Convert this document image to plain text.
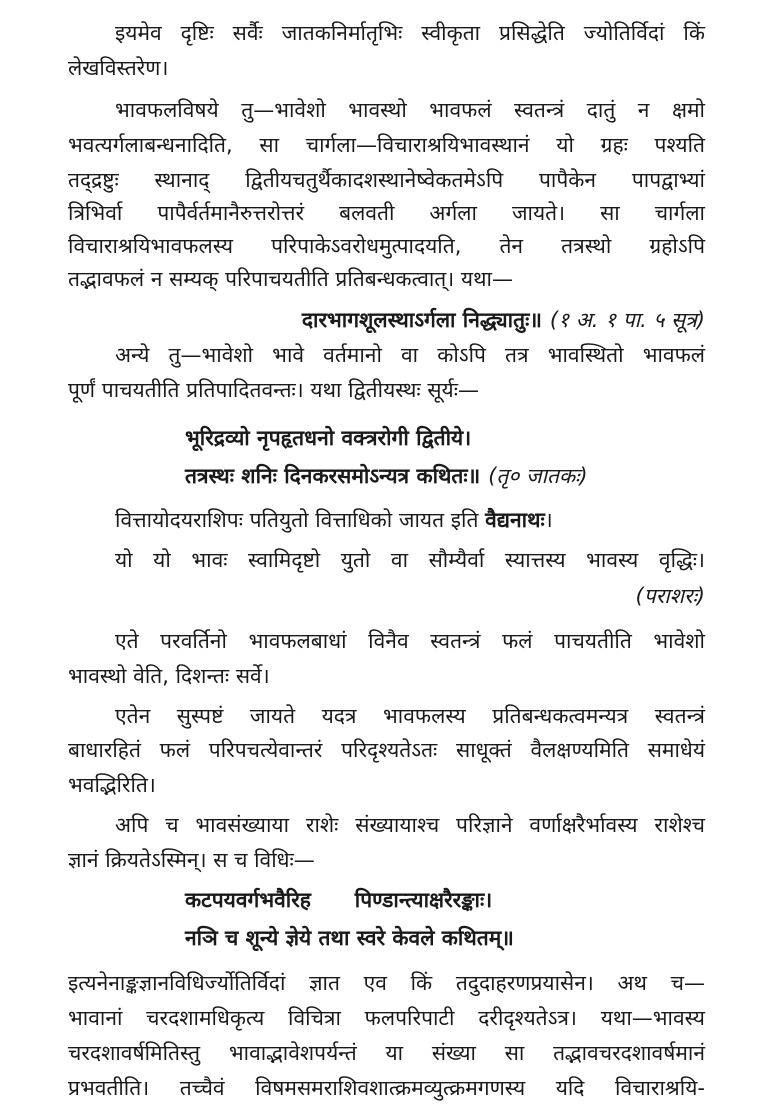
इयमेव दृष्टिः सर्वैः जातकनिर्मातृभिः स्वीकृता प्रसिद्धेति ज्योतिर्विदां किं
लेखविस्तरेण।
भावफलविषये तु—भावेशो भावस्थो भावफलं स्वतन्त्रं दातुं न क्षमो
भवत्यर्गलाबन्धनादिति, सा चार्गला—विचाराश्रयिभावस्थानं यो ग्रहः पश्यति
तद्द्रष्टुः स्थानाद् द्वितीयचतुर्थैकादशस्थानेष्वेकतमेऽपि पापैकेन पापद्वाभ्यां
त्रिभिर्वा पापैर्वर्तमानैरुत्तरोत्तरं बलवती अर्गला जायते। सा चार्गला
विचाराश्रयिभावफलस्य परिपाकेऽवरोधमुत्पादयति, तेन तत्रस्थो ग्रहोऽपि
तद्भावफलं न सम्यक् परिपाचयतीति प्रतिबन्धकत्वात्। यथा—
दारभागशूलस्थाऽर्गला निद्ध्यातुः॥ (१ अ. १ पा. ५ सूत्र)
अन्ये तु—भावेशो भावे वर्तमानो वा कोऽपि तत्र भावस्थितो भावफलं
पूर्णं पाचयतीति प्रतिपादितवन्तः। यथा द्वितीयस्थः सूर्यः—
भूरिद्रव्यो नृपहृतधनो वक्त्ररोगी द्वितीये।
तत्रस्थः शनिः दिनकरसमोऽन्यत्र कथितः॥ (तृ० जातकः)
वित्तायोदयराशिपः पतियुतो वित्ताधिको जायत इति वैद्यनाथः।
यो यो भावः स्वामिदृष्टो युतो वा सौम्यैर्वा स्यात्तस्य भावस्य वृद्धिः।
(पराशरः)
एते परवर्तिनो भावफलबाधां विनैव स्वतन्त्रं फलं पाचयतीति भावेशो
भावस्थो वेति, दिशन्तः सर्वे।
एतेन सुस्पष्टं जायते यदत्र भावफलस्य प्रतिबन्धकत्वमन्यत्र स्वतन्त्रं
बाधारहितं फलं परिपचत्येवान्तरं परिदृश्यतेऽतः साधूक्तं वैलक्षण्यमिति समाधेयं
भवद्भिरिति।
अपि च भावसंख्याया राशेः संख्यायाश्च परिज्ञाने वर्णाक्षरैर्भावस्य राशेश्च
ज्ञानं क्रियतेऽस्मिन्। स च विधिः—
कटपयवर्गभवैरिह      पिण्डान्त्याक्षरैरङ्काः।
नञि च शून्ये ज्ञेये तथा स्वरे केवले कथितम्॥
इत्यनेनाङ्कज्ञानविधिर्ज्योतिर्विदां ज्ञात एव किं तदुदाहरणप्रयासेन। अथ च—
भावानां चरदशामधिकृत्य विचित्रा फलपरिपाटी दरीदृश्यतेऽत्र। यथा—भावस्य
चरदशावर्षमितिस्तु भावाद्भावेशपर्यन्तं या संख्या सा तद्भावचरदशावर्षमानं
प्रभवतीति। तच्चैवं विषमसमराशिवशात्क्रमव्युत्क्रमगणस्य यदि विचाराश्रयि-
